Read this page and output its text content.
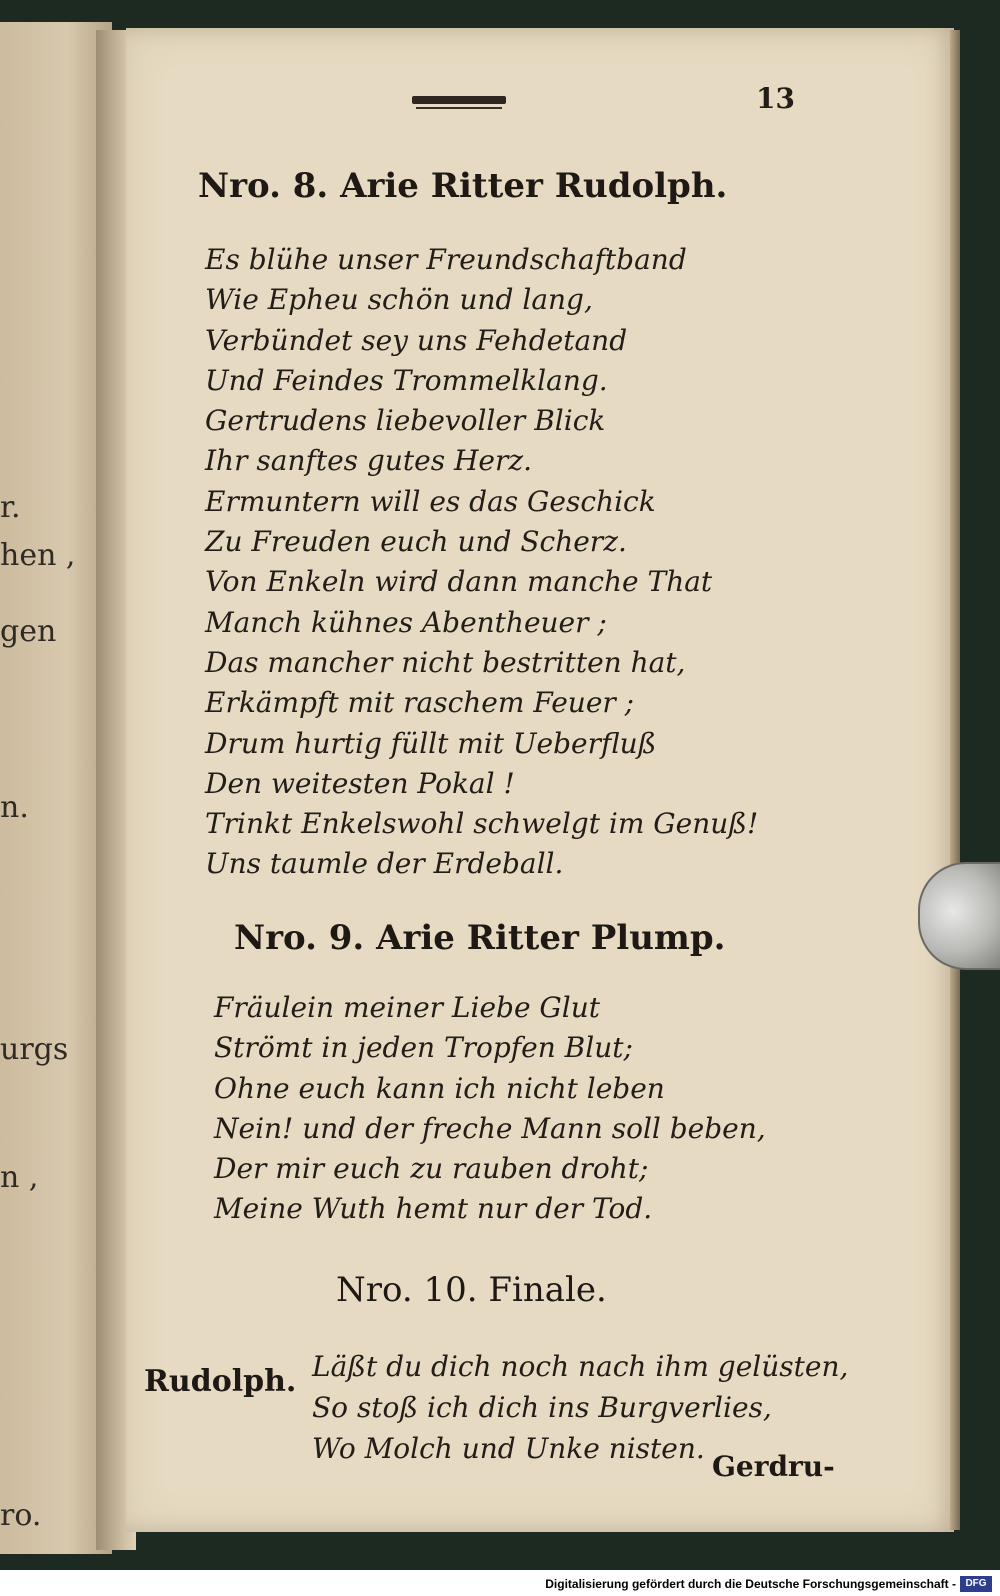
r.
hen ,
gen
n.
urgs
n ,
ro.
13
Nro. 8. Arie Ritter Rudolph.
Es blühe unser Freundschaftband
Wie Epheu schön und lang,
Verbündet sey uns Fehdetand
Und Feindes Trommelklang.
Gertrudens liebevoller Blick
Ihr sanftes gutes Herz.
Ermuntern will es das Geschick
Zu Freuden euch und Scherz.
Von Enkeln wird dann manche That
Manch kühnes Abentheuer ;
Das mancher nicht bestritten hat,
Erkämpft mit raschem Feuer ;
Drum hurtig füllt mit Ueberfluß
Den weitesten Pokal !
Trinkt Enkelswohl schwelgt im Genuß!
Uns taumle der Erdeball.
Nro. 9. Arie Ritter Plump.
Fräulein meiner Liebe Glut
Strömt in jeden Tropfen Blut;
Ohne euch kann ich nicht leben
Nein! und der freche Mann soll beben,
Der mir euch zu rauben droht;
Meine Wuth hemt nur der Tod.
Nro. 10. Finale.
Rudolph. Läßt du dich noch nach ihm gelüsten,
So stoß ich dich ins Burgverlies,
Wo Molch und Unke nisten.
Gerdru-
Digitalisierung gefördert durch die Deutsche Forschungsgemeinschaft - DFG
